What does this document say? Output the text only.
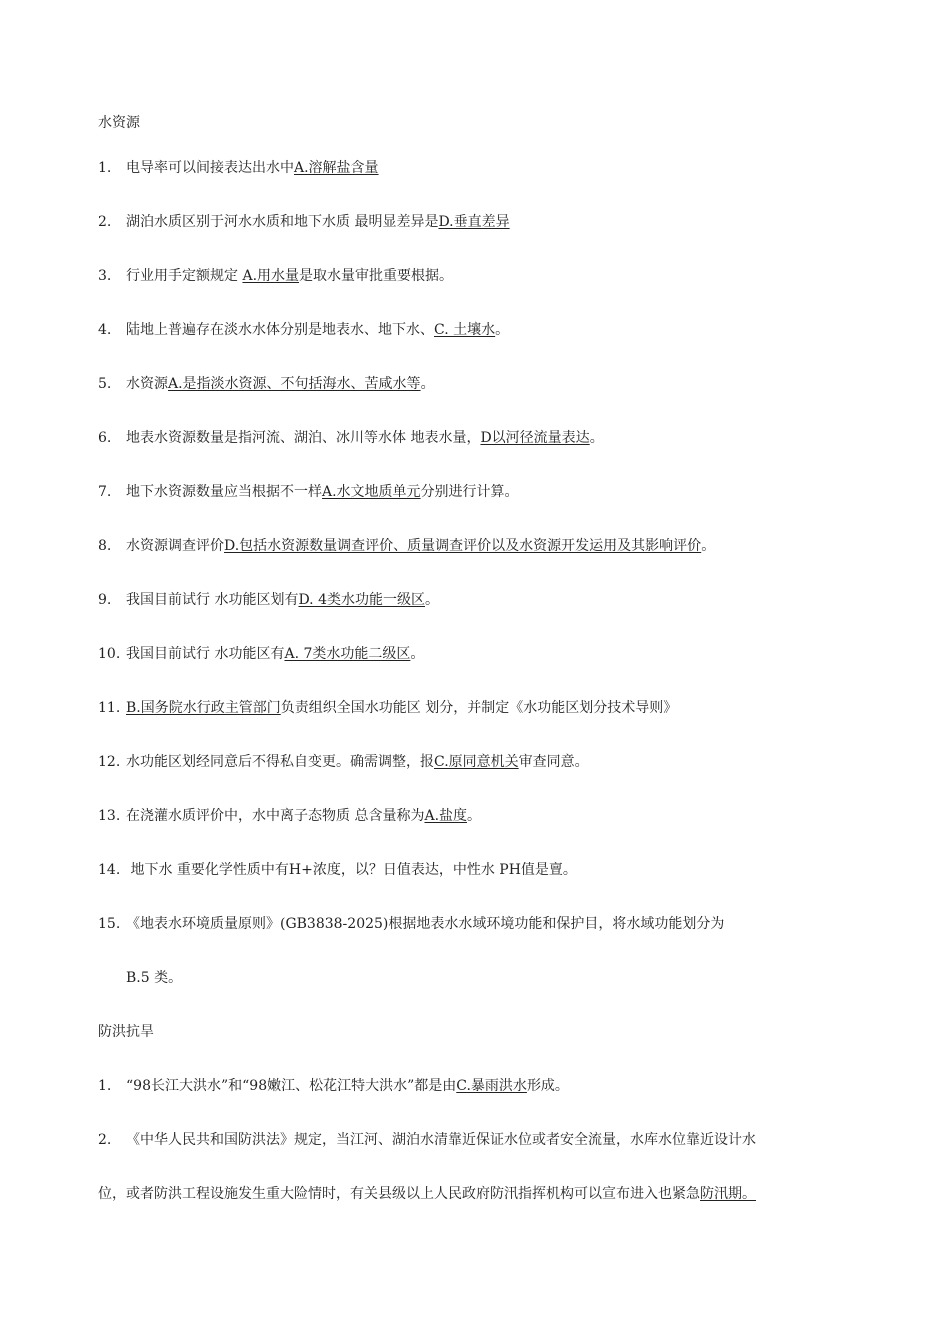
水资源
1. 电导率可以间接表达出水中A.溶解盐含量
2. 湖泊水质区别于河水水质和地下水质 最明显差异是D.垂直差异
3. 行业用手定额规定 A.用水量是取水量审批重要根据。
4. 陆地上普遍存在淡水水体分别是地表水、地下水、C. 土壤水。
5. 水资源A.是指淡水资源、不句括海水、苦咸水等。
6. 地表水资源数量是指河流、湖泊、冰川等水体 地表水量，D以河径流量表达。
7. 地下水资源数量应当根据不一样A.水文地质单元分别进行计算。
8. 水资源调查评价D.包括水资源数量调查评价、质量调查评价以及水资源开发运用及其影响评价。
9. 我国目前试行 水功能区划有D. 4类水功能一级区。
10. 我国目前试行 水功能区有A. 7类水功能二级区。
11. B.国务院水行政主管部门负责组织全国水功能区 划分，并制定《水功能区划分技术导则》
12. 水功能区划经同意后不得私自变更。确需调整，报C.原同意机关审查同意。
13. 在浇灌水质评价中，水中离子态物质 总含量称为A.盐度。
14. 地下水 重要化学性质中有H+浓度，以？日值表达，中性水 PH值是亶。
15. 《地表水环境质量原则》(GB3838-2025)根据地表水水域环境功能和保护目，将水域功能划分为
B.5 类。
防洪抗旱
1. “98长江大洪水”和“98嫩江、松花江特大洪水”都是由C.暴雨洪水形成。
2. 《中华人民共和国防洪法》规定，当江河、湖泊水清靠近保证水位或者安全流量，水库水位靠近设计水
位，或者防洪工程设施发生重大险情时，有关县级以上人民政府防汛指挥机构可以宣布进入也紧急防汛期。
